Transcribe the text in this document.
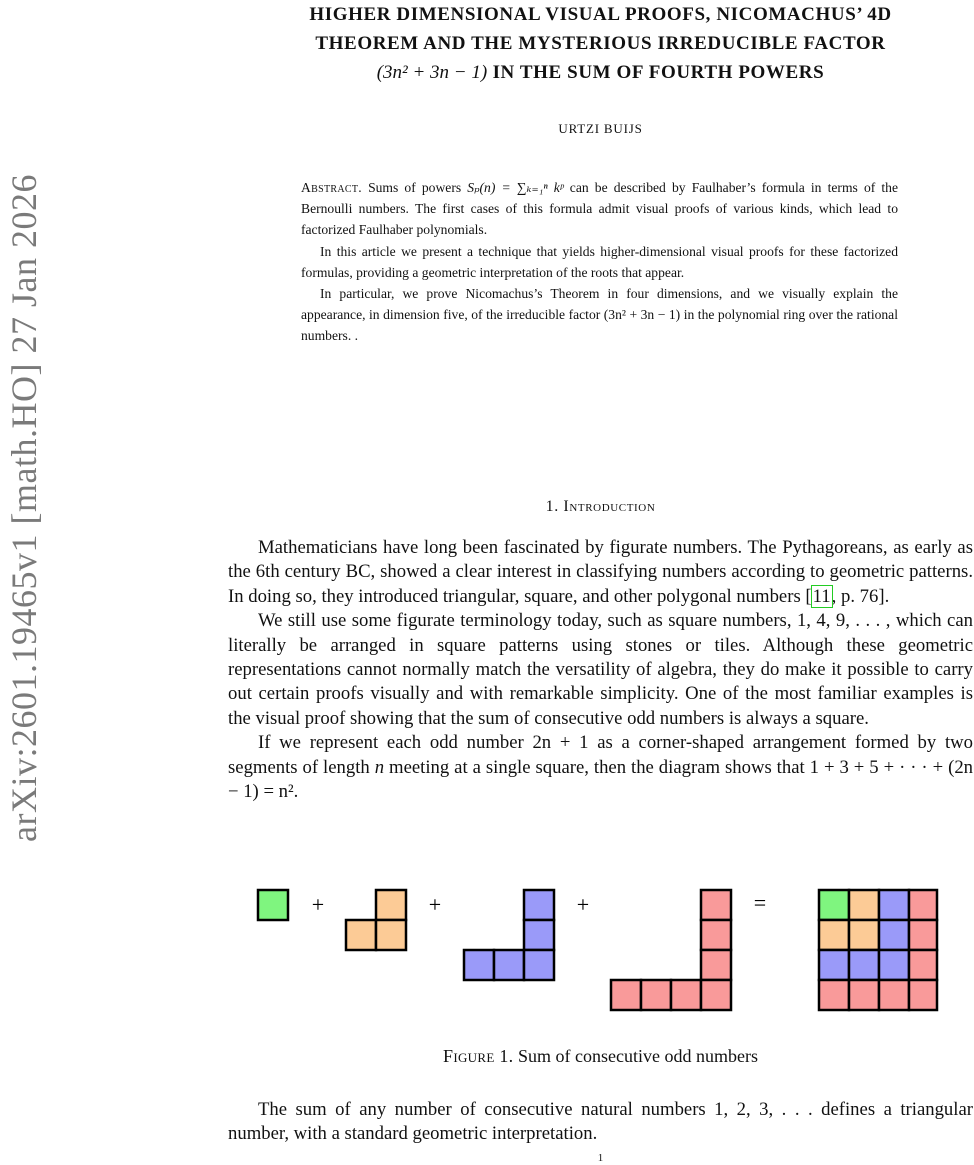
arXiv:2601.19465v1 [math.HO] 27 Jan 2026
HIGHER DIMENSIONAL VISUAL PROOFS, NICOMACHUS’ 4D
THEOREM AND THE MYSTERIOUS IRREDUCIBLE FACTOR
(3n² + 3n − 1) IN THE SUM OF FOURTH POWERS
URTZI BUIJS

Abstract. Sums of powers Sₚ(n) = ∑ₖ₌₁ⁿ kᵖ can be described by Faulhaber’s formula in terms of the Bernoulli numbers. The first cases of this formula admit visual proofs of various kinds, which lead to factorized Faulhaber polynomials.

In this article we present a technique that yields higher-dimensional visual proofs for these factorized formulas, providing a geometric interpretation of the roots that appear.

In particular, we prove Nicomachus’s Theorem in four dimensions, and we visually explain the appearance, in dimension five, of the irreducible factor (3n² + 3n − 1) in the polynomial ring over the rational numbers. .

1. Introduction

Mathematicians have long been fascinated by figurate numbers. The Pythagoreans, as early as the 6th century BC, showed a clear interest in classifying numbers according to geometric patterns. In doing so, they introduced triangular, square, and other polygonal numbers [11, p. 76].

We still use some figurate terminology today, such as square numbers, 1, 4, 9, . . . , which can literally be arranged in square patterns using stones or tiles. Although these geometric representations cannot normally match the versatility of algebra, they do make it possible to carry out certain proofs visually and with remarkable simplicity. One of the most familiar examples is the visual proof showing that the sum of consecutive odd numbers is always a square.

If we represent each odd number 2n + 1 as a corner-shaped arrangement formed by two segments of length n meeting at a single square, then the diagram shows that 1 + 3 + 5 + · · · + (2n − 1) = n².

+	+	+	=
Figure 1. Sum of consecutive odd numbers

The sum of any number of consecutive natural numbers 1, 2, 3, . . . defines a triangular number, with a standard geometric interpretation.

1
